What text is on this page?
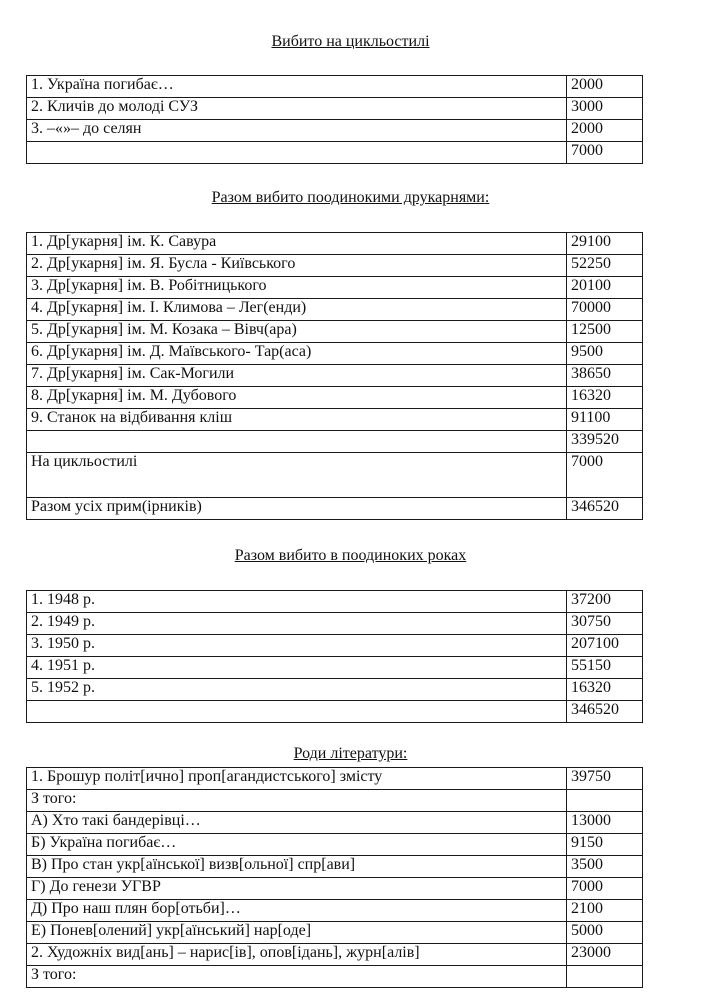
Вибито на цикльостилі
1. Україна погибає…	2000
2. Кличів до молоді СУЗ	3000
3. –«»– до селян	2000
	7000
Разом вибито поодинокими друкарнями:
1. Др[укарня] ім. К. Савура	29100
2. Др[укарня] ім. Я. Бусла - Київського	52250
3. Др[укарня] ім. В. Робітницького	20100
4. Др[укарня] ім. І. Климова – Лег(енди)	70000
5. Др[укарня] ім. М. Козака – Вівч(ара)	12500
6. Др[укарня] ім. Д. Маївського- Тар(аса)	9500
7. Др[укарня] ім. Сак-Могили	38650
8. Др[укарня] ім. М. Дубового	16320
9. Станок на відбивання кліш	91100
	339520
На цикльостилі	7000
Разом усіх прим(ірників)	346520
Разом вибито в поодиноких роках
1. 1948 р.	37200
2. 1949 р.	30750
3. 1950 р.	207100
4. 1951 р.	55150
5. 1952 р.	16320
	346520
Роди літератури:
1. Брошур політ[ично] проп[агандистського] змісту	39750
З того:	
А) Хто такі бандерівці…	13000
Б) Україна погибає…	9150
В) Про стан укр[аїнської] визв[ольної] спр[ави]	3500
Г) До генези УГВР	7000
Д) Про наш плян бор[отьби]…	2100
Е) Понев[олений] укр[аїнський] нар[оде]	5000
2. Художніх вид[ань] – нарис[ів], опов[ідань], журн[алів]	23000
З того:	
